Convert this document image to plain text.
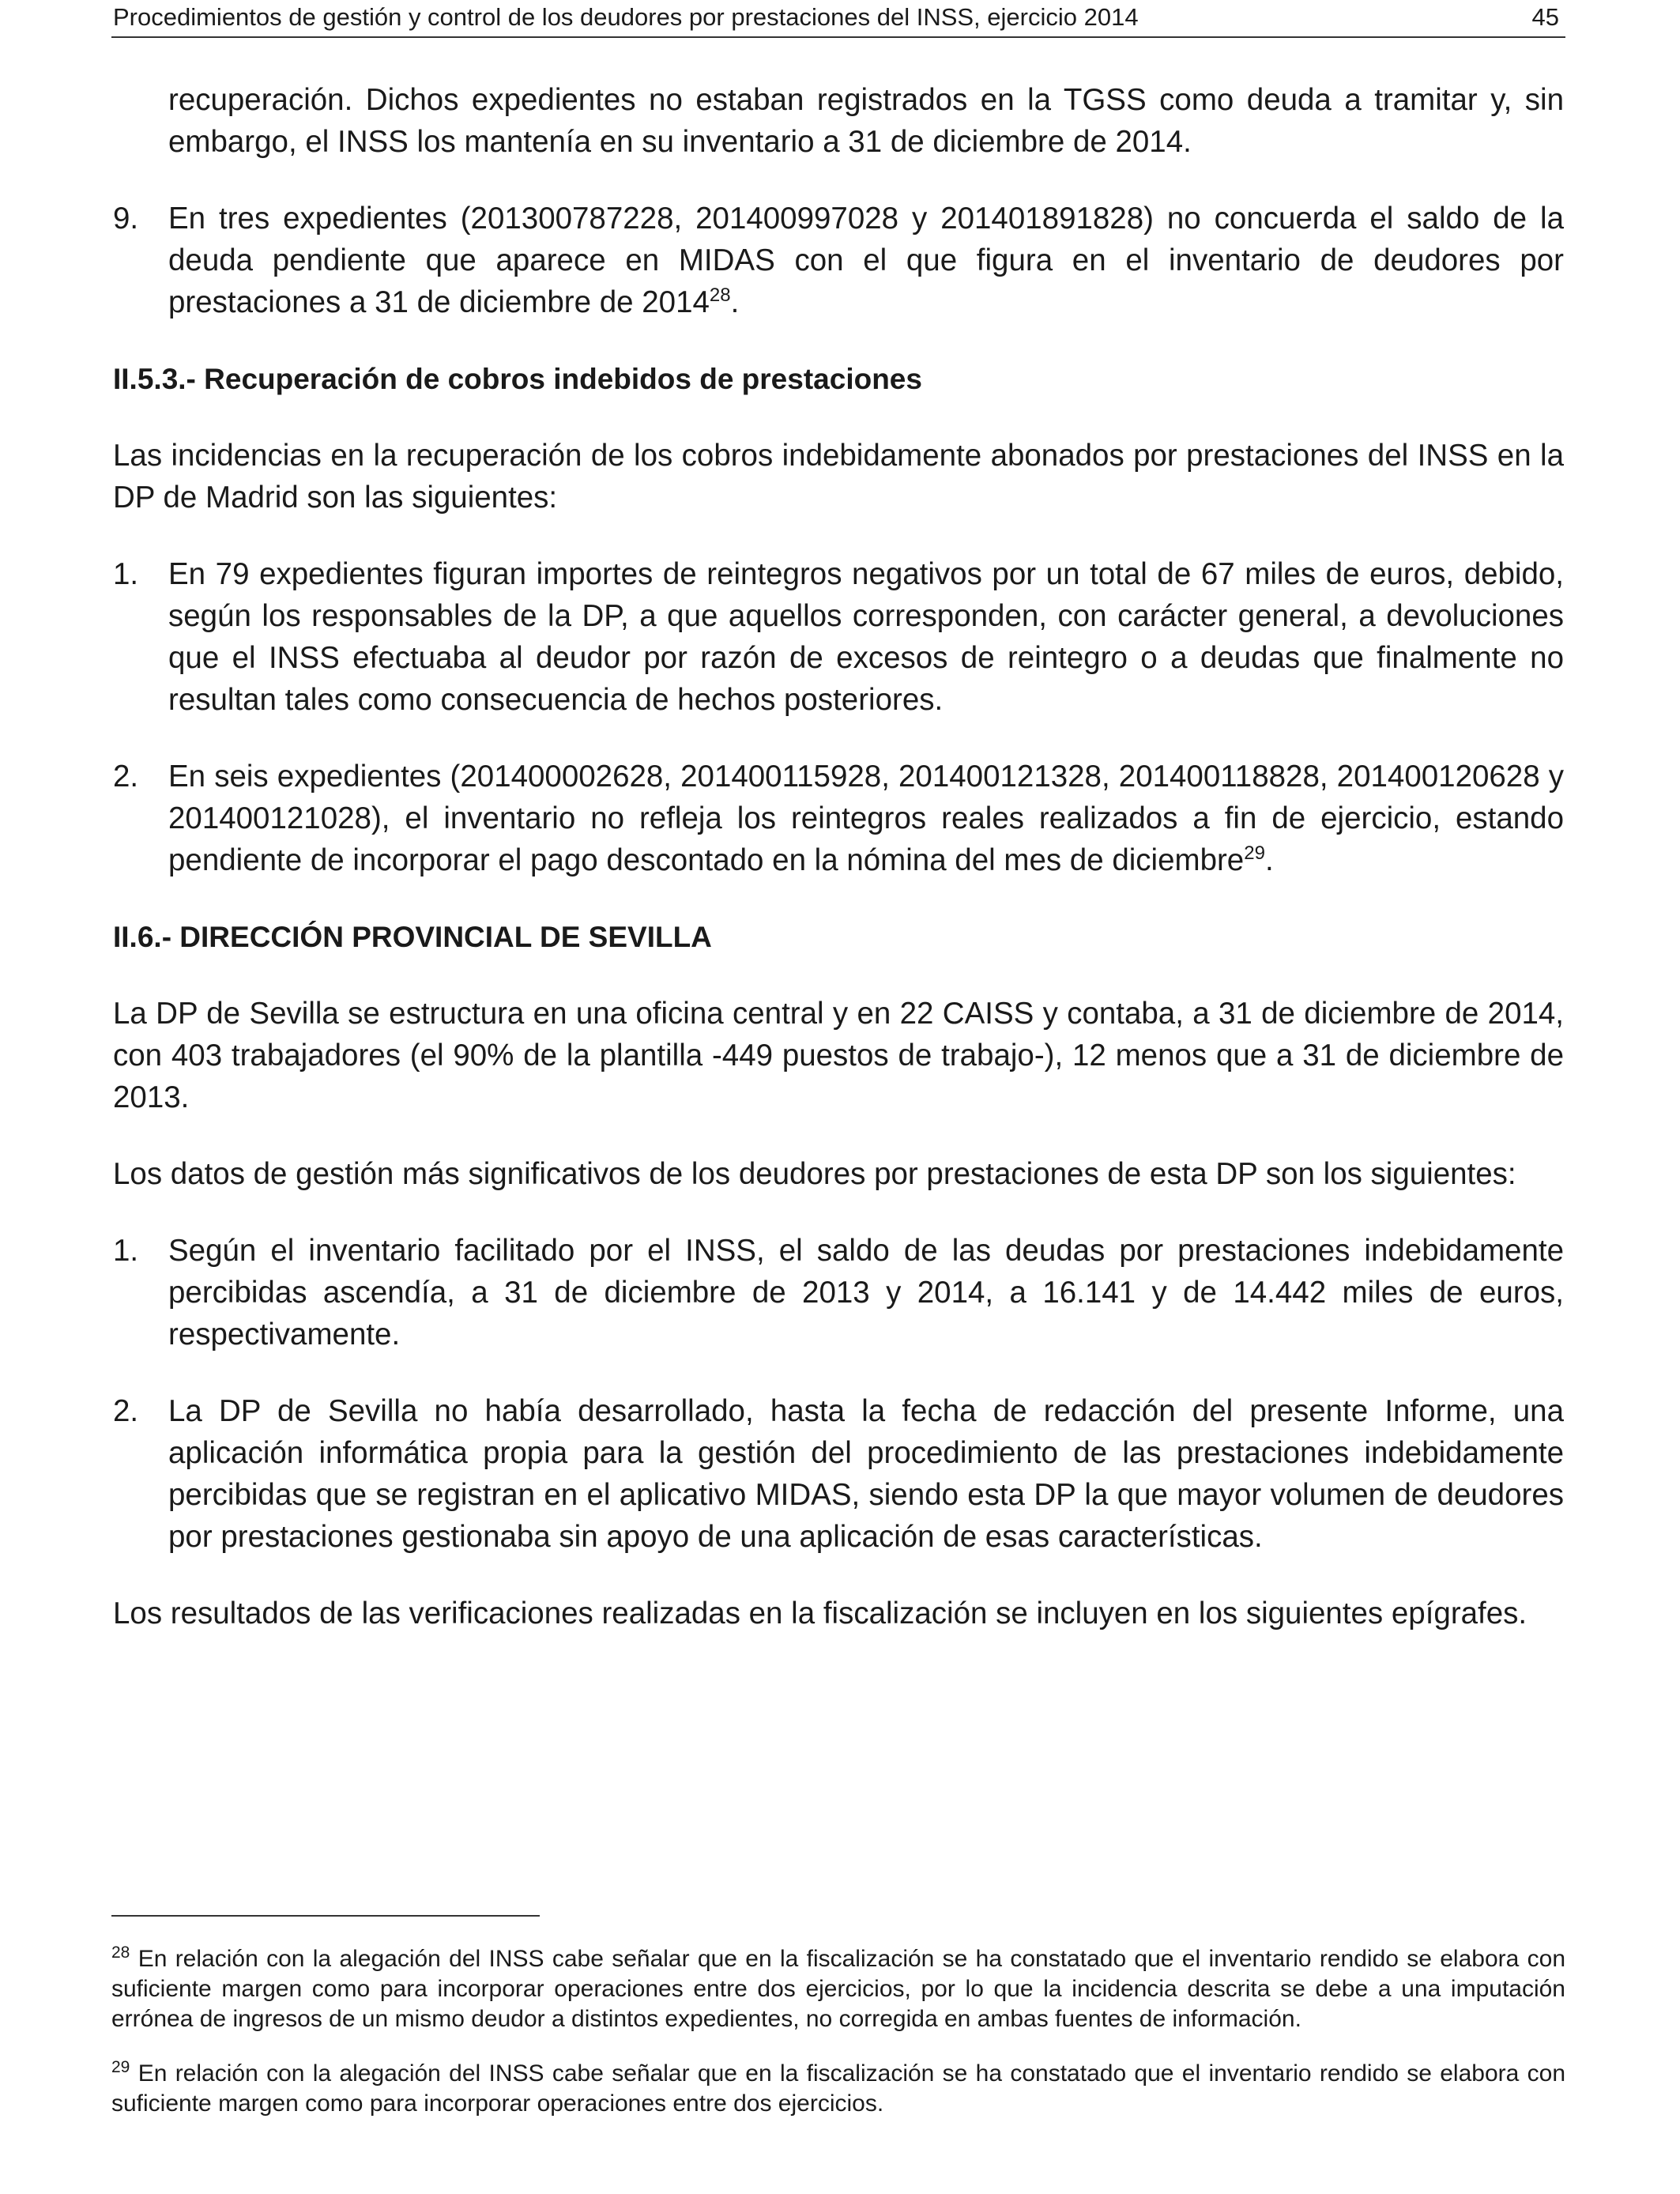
Procedimientos de gestión y control de los deudores por prestaciones del INSS, ejercicio 2014	45

recuperación. Dichos expedientes no estaban registrados en la TGSS como deuda a tramitar y, sin embargo, el INSS los mantenía en su inventario a 31 de diciembre de 2014.

9. En tres expedientes (201300787228, 201400997028 y 201401891828) no concuerda el saldo de la deuda pendiente que aparece en MIDAS con el que figura en el inventario de deudores por prestaciones a 31 de diciembre de 2014$^{28}$.
II.5.3.- Recuperación de cobros indebidos de prestaciones

Las incidencias en la recuperación de los cobros indebidamente abonados por prestaciones del INSS en la DP de Madrid son las siguientes:

1. En 79 expedientes figuran importes de reintegros negativos por un total de 67 miles de euros, debido, según los responsables de la DP, a que aquellos corresponden, con carácter general, a devoluciones que el INSS efectuaba al deudor por razón de excesos de reintegro o a deudas que finalmente no resultan tales como consecuencia de hechos posteriores.
2. En seis expedientes (201400002628, 201400115928, 201400121328, 201400118828, 201400120628 y 201400121028), el inventario no refleja los reintegros reales realizados a fin de ejercicio, estando pendiente de incorporar el pago descontado en la nómina del mes de diciembre$^{29}$.
II.6.- DIRECCIÓN PROVINCIAL DE SEVILLA

La DP de Sevilla se estructura en una oficina central y en 22 CAISS y contaba, a 31 de diciembre de 2014, con 403 trabajadores (el 90% de la plantilla -449 puestos de trabajo-), 12 menos que a 31 de diciembre de 2013.

Los datos de gestión más significativos de los deudores por prestaciones de esta DP son los siguientes:

1. Según el inventario facilitado por el INSS, el saldo de las deudas por prestaciones indebidamente percibidas ascendía, a 31 de diciembre de 2013 y 2014, a 16.141 y de 14.442 miles de euros, respectivamente.
2. La DP de Sevilla no había desarrollado, hasta la fecha de redacción del presente Informe, una aplicación informática propia para la gestión del procedimiento de las prestaciones indebidamente percibidas que se registran en el aplicativo MIDAS, siendo esta DP la que mayor volumen de deudores por prestaciones gestionaba sin apoyo de una aplicación de esas características.

Los resultados de las verificaciones realizadas en la fiscalización se incluyen en los siguientes epígrafes.

$^{28}$ En relación con la alegación del INSS cabe señalar que en la fiscalización se ha constatado que el inventario rendido se elabora con suficiente margen como para incorporar operaciones entre dos ejercicios, por lo que la incidencia descrita se debe a una imputación errónea de ingresos de un mismo deudor a distintos expedientes, no corregida en ambas fuentes de información.

$^{29}$ En relación con la alegación del INSS cabe señalar que en la fiscalización se ha constatado que el inventario rendido se elabora con suficiente margen como para incorporar operaciones entre dos ejercicios.
